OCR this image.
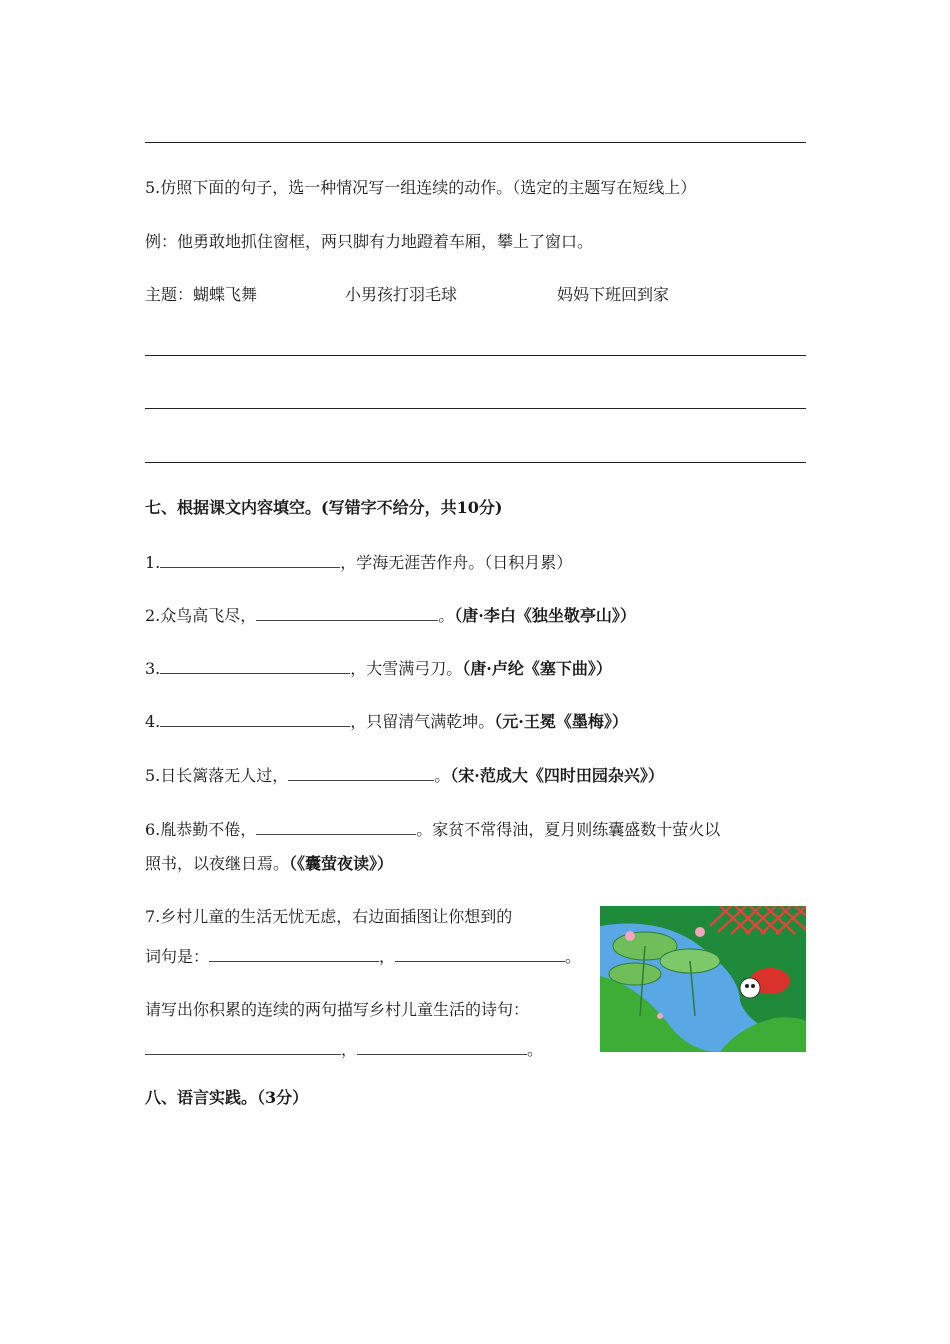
5.仿照下面的句子，选一种情况写一组连续的动作。（选定的主题写在短线上）
例：他勇敢地抓住窗框，两只脚有力地蹬着车厢，攀上了窗口。
主题：蝴蝶飞舞	小男孩打羽毛球	妈妈下班回到家
七、根据课文内容填空。(写错字不给分，共10分)
1.	，学海无涯苦作舟。（日积月累）
2.众鸟高飞尽，	。（唐·李白《独坐敬亭山》）
3.	，大雪满弓刀。（唐·卢纶《塞下曲》）
4.	，只留清气满乾坤。（元·王冕《墨梅》）
5.日长篱落无人过，	。（宋·范成大《四时田园杂兴》）
6.胤恭勤不倦，	。家贫不常得油，夏月则练囊盛数十萤火以
照书，以夜继日焉。（《囊萤夜读》）
7.乡村儿童的生活无忧无虑，右边面插图让你想到的
词句是：	，	。
请写出你积累的连续的两句描写乡村儿童生活的诗句：
，	。
八、语言实践。（3分）
